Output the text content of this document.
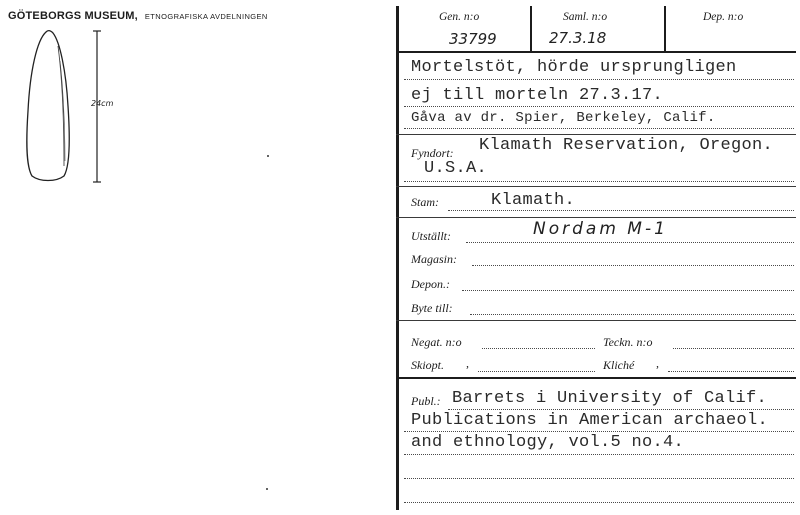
GÖTEBORGS MUSEUM, ETNOGRAFISKA AVDELNINGEN
24cm
Gen. n:o	Saml. n:o	Dep. n:o
33799	27.3.18
Mortelstöt, hörde ursprungligen
ej till morteln 27.3.17.
Gåva av dr. Spier, Berkeley, Calif.
Fyndort: Klamath Reservation, Oregon.
U.S.A.
Stam:	Klamath.
Utställt:	Nordam M-1
Magasin:
Depon.:
Byte till:
Negat. n:o	Teckn. n:o
Skiopt. ,	Kliché ,
Publ.: Barrets i University of Calif.
Publications in American archaeol.
and ethnology, vol.5 no.4.
